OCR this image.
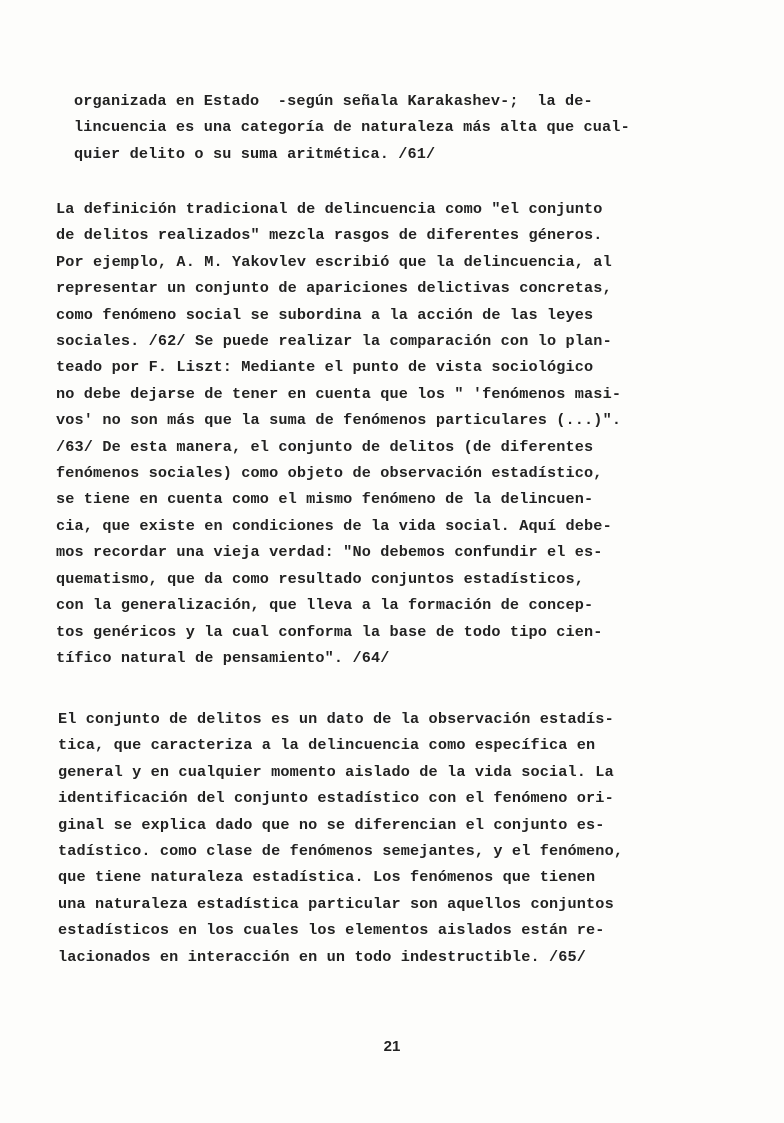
organizada en Estado  -según señala Karakashev-;  la de-
lincuencia es una categoría de naturaleza más alta que cual-
quier delito o su suma aritmética. /61/
La definición tradicional de delincuencia como "el conjunto
de delitos realizados" mezcla rasgos de diferentes géneros.
Por ejemplo, A. M. Yakovlev escribió que la delincuencia, al
representar un conjunto de apariciones delictivas concretas,
como fenómeno social se subordina a la acción de las leyes
sociales. /62/ Se puede realizar la comparación con lo plan-
teado por F. Liszt: Mediante el punto de vista sociológico
no debe dejarse de tener en cuenta que los " 'fenómenos masi-
vos' no son más que la suma de fenómenos particulares (...)".
/63/ De esta manera, el conjunto de delitos (de diferentes
fenómenos sociales) como objeto de observación estadístico,
se tiene en cuenta como el mismo fenómeno de la delincuen-
cia, que existe en condiciones de la vida social. Aquí debe-
mos recordar una vieja verdad: "No debemos confundir el es-
quematismo, que da como resultado conjuntos estadísticos,
con la generalización, que lleva a la formación de concep-
tos genéricos y la cual conforma la base de todo tipo cien-
tífico natural de pensamiento". /64/
El conjunto de delitos es un dato de la observación estadís-
tica, que caracteriza a la delincuencia como específica en
general y en cualquier momento aislado de la vida social. La
identificación del conjunto estadístico con el fenómeno ori-
ginal se explica dado que no se diferencian el conjunto es-
tadístico. como clase de fenómenos semejantes, y el fenómeno,
que tiene naturaleza estadística. Los fenómenos que tienen
una naturaleza estadística particular son aquellos conjuntos
estadísticos en los cuales los elementos aislados están re-
lacionados en interacción en un todo indestructible. /65/
21
